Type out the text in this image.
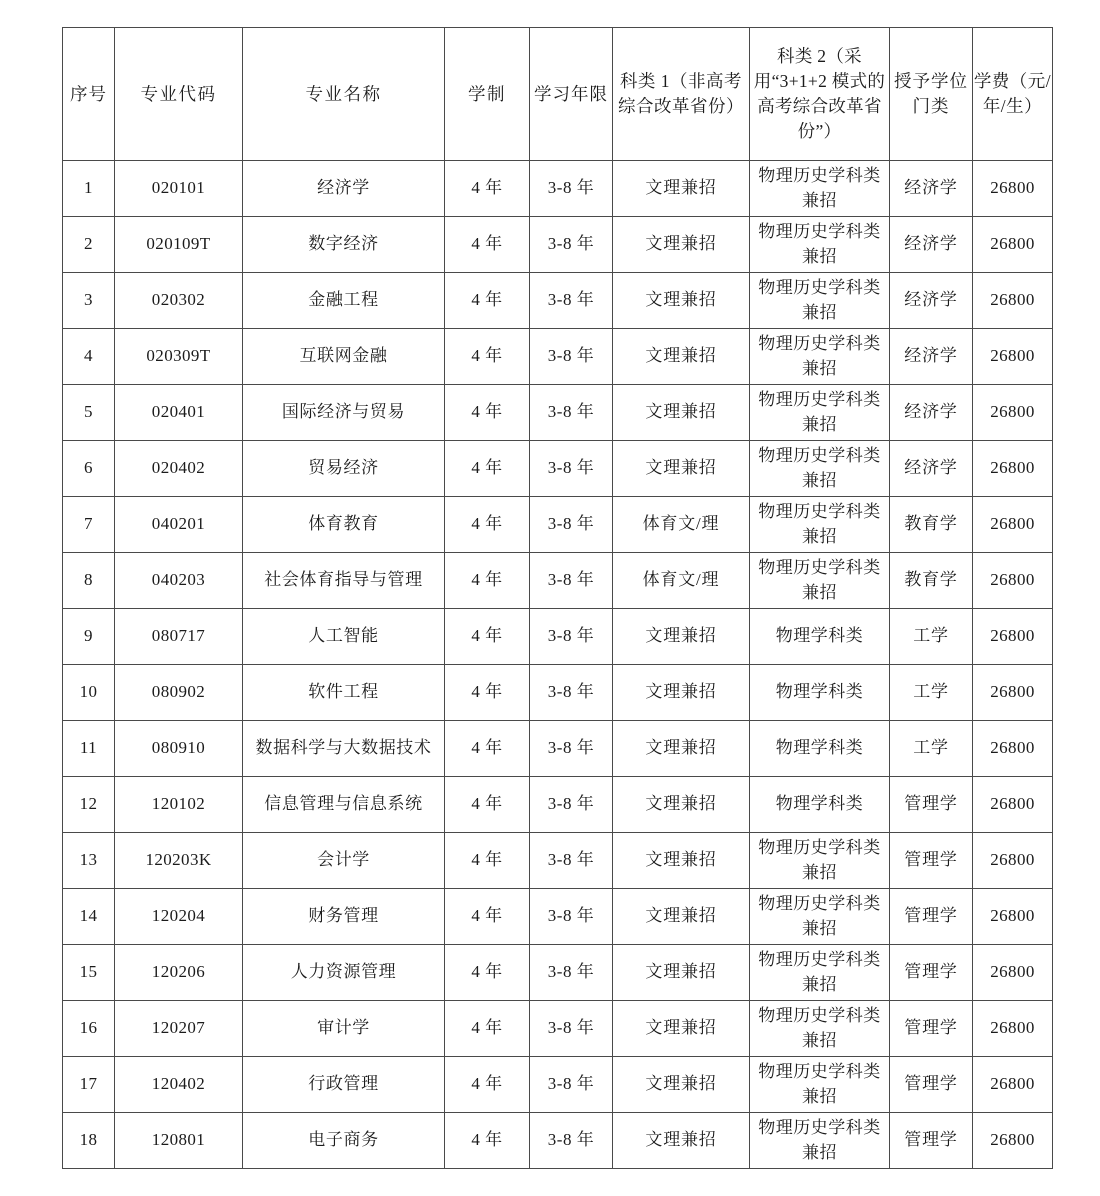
序号	专业代码	专业名称	学制	学习年限	科类 1（非高考综合改革省份）	科类 2（采用“3+1+2 模式的高考综合改革省份”）	授予学位门类	学费（元/年/生）

1	020101	经济学	4 年	3-8 年	文理兼招	物理历史学科类兼招	经济学	26800
2	020109T	数字经济	4 年	3-8 年	文理兼招	物理历史学科类兼招	经济学	26800
3	020302	金融工程	4 年	3-8 年	文理兼招	物理历史学科类兼招	经济学	26800
4	020309T	互联网金融	4 年	3-8 年	文理兼招	物理历史学科类兼招	经济学	26800
5	020401	国际经济与贸易	4 年	3-8 年	文理兼招	物理历史学科类兼招	经济学	26800
6	020402	贸易经济	4 年	3-8 年	文理兼招	物理历史学科类兼招	经济学	26800
7	040201	体育教育	4 年	3-8 年	体育文/理	物理历史学科类兼招	教育学	26800
8	040203	社会体育指导与管理	4 年	3-8 年	体育文/理	物理历史学科类兼招	教育学	26800
9	080717	人工智能	4 年	3-8 年	文理兼招	物理学科类	工学	26800
10	080902	软件工程	4 年	3-8 年	文理兼招	物理学科类	工学	26800
11	080910	数据科学与大数据技术	4 年	3-8 年	文理兼招	物理学科类	工学	26800
12	120102	信息管理与信息系统	4 年	3-8 年	文理兼招	物理学科类	管理学	26800
13	120203K	会计学	4 年	3-8 年	文理兼招	物理历史学科类兼招	管理学	26800
14	120204	财务管理	4 年	3-8 年	文理兼招	物理历史学科类兼招	管理学	26800
15	120206	人力资源管理	4 年	3-8 年	文理兼招	物理历史学科类兼招	管理学	26800
16	120207	审计学	4 年	3-8 年	文理兼招	物理历史学科类兼招	管理学	26800
17	120402	行政管理	4 年	3-8 年	文理兼招	物理历史学科类兼招	管理学	26800
18	120801	电子商务	4 年	3-8 年	文理兼招	物理历史学科类兼招	管理学	26800
